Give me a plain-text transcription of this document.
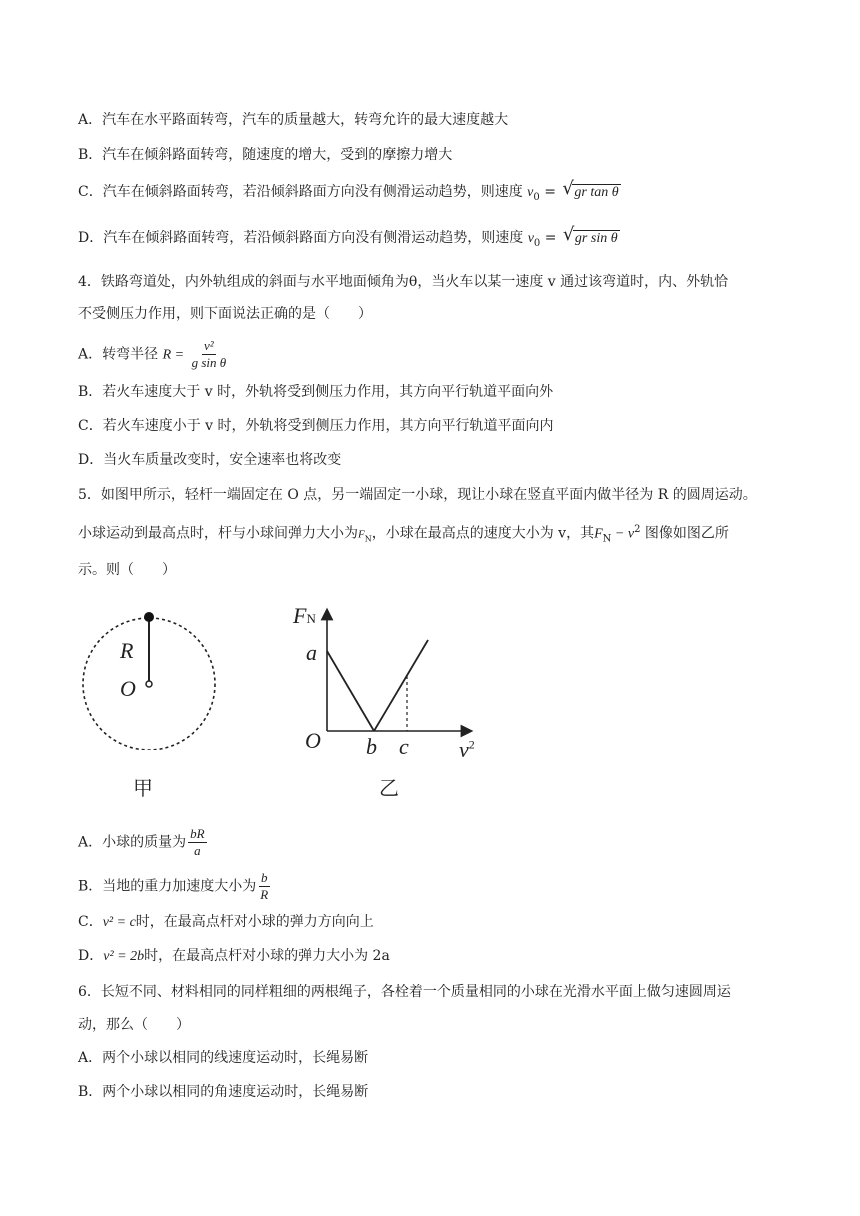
A．汽车在水平路面转弯，汽车的质量越大，转弯允许的最大速度越大
B．汽车在倾斜路面转弯，随速度的增大，受到的摩擦力增大
C．汽车在倾斜路面转弯，若沿倾斜路面方向没有侧滑运动趋势，则速度 $v_0$ = √ gr tan θ
D．汽车在倾斜路面转弯，若沿倾斜路面方向没有侧滑运动趋势，则速度 $v_0$ = √ gr sin θ
4．铁路弯道处，内外轨组成的斜面与水平地面倾角为θ，当火车以某一速度 v 通过该弯道时，内、外轨恰
不受侧压力作用，则下面说法正确的是（　　）
A．转弯半径 $R = \frac{\text{v²}}{\text{g sin θ}}$
B．若火车速度大于 v 时，外轨将受到侧压力作用，其方向平行轨道平面向外
C．若火车速度小于 v 时，外轨将受到侧压力作用，其方向平行轨道平面向内
D．当火车质量改变时，安全速率也将改变
5．如图甲所示，轻杆一端固定在 O 点，另一端固定一小球，现让小球在竖直平面内做半径为 R 的圆周运动。
小球运动到最高点时，杆与小球间弹力大小为$F_N$，小球在最高点的速度大小为 v，其$F_N - v^2$ 图像如图乙所
示。则（　　）
R
O
甲
FN
a
O b c $v^2$
乙
A．小球的质量为 $\frac{bR}{a}$
B．当地的重力加速度大小为 $\frac{b}{R}$
C．v² = c时，在最高点杆对小球的弹力方向向上
D．v² = 2b时，在最高点杆对小球的弹力大小为 2a
6．长短不同、材料相同的同样粗细的两根绳子，各栓着一个质量相同的小球在光滑水平面上做匀速圆周运
动，那么（　　）
A．两个小球以相同的线速度运动时，长绳易断
B．两个小球以相同的角速度运动时，长绳易断
